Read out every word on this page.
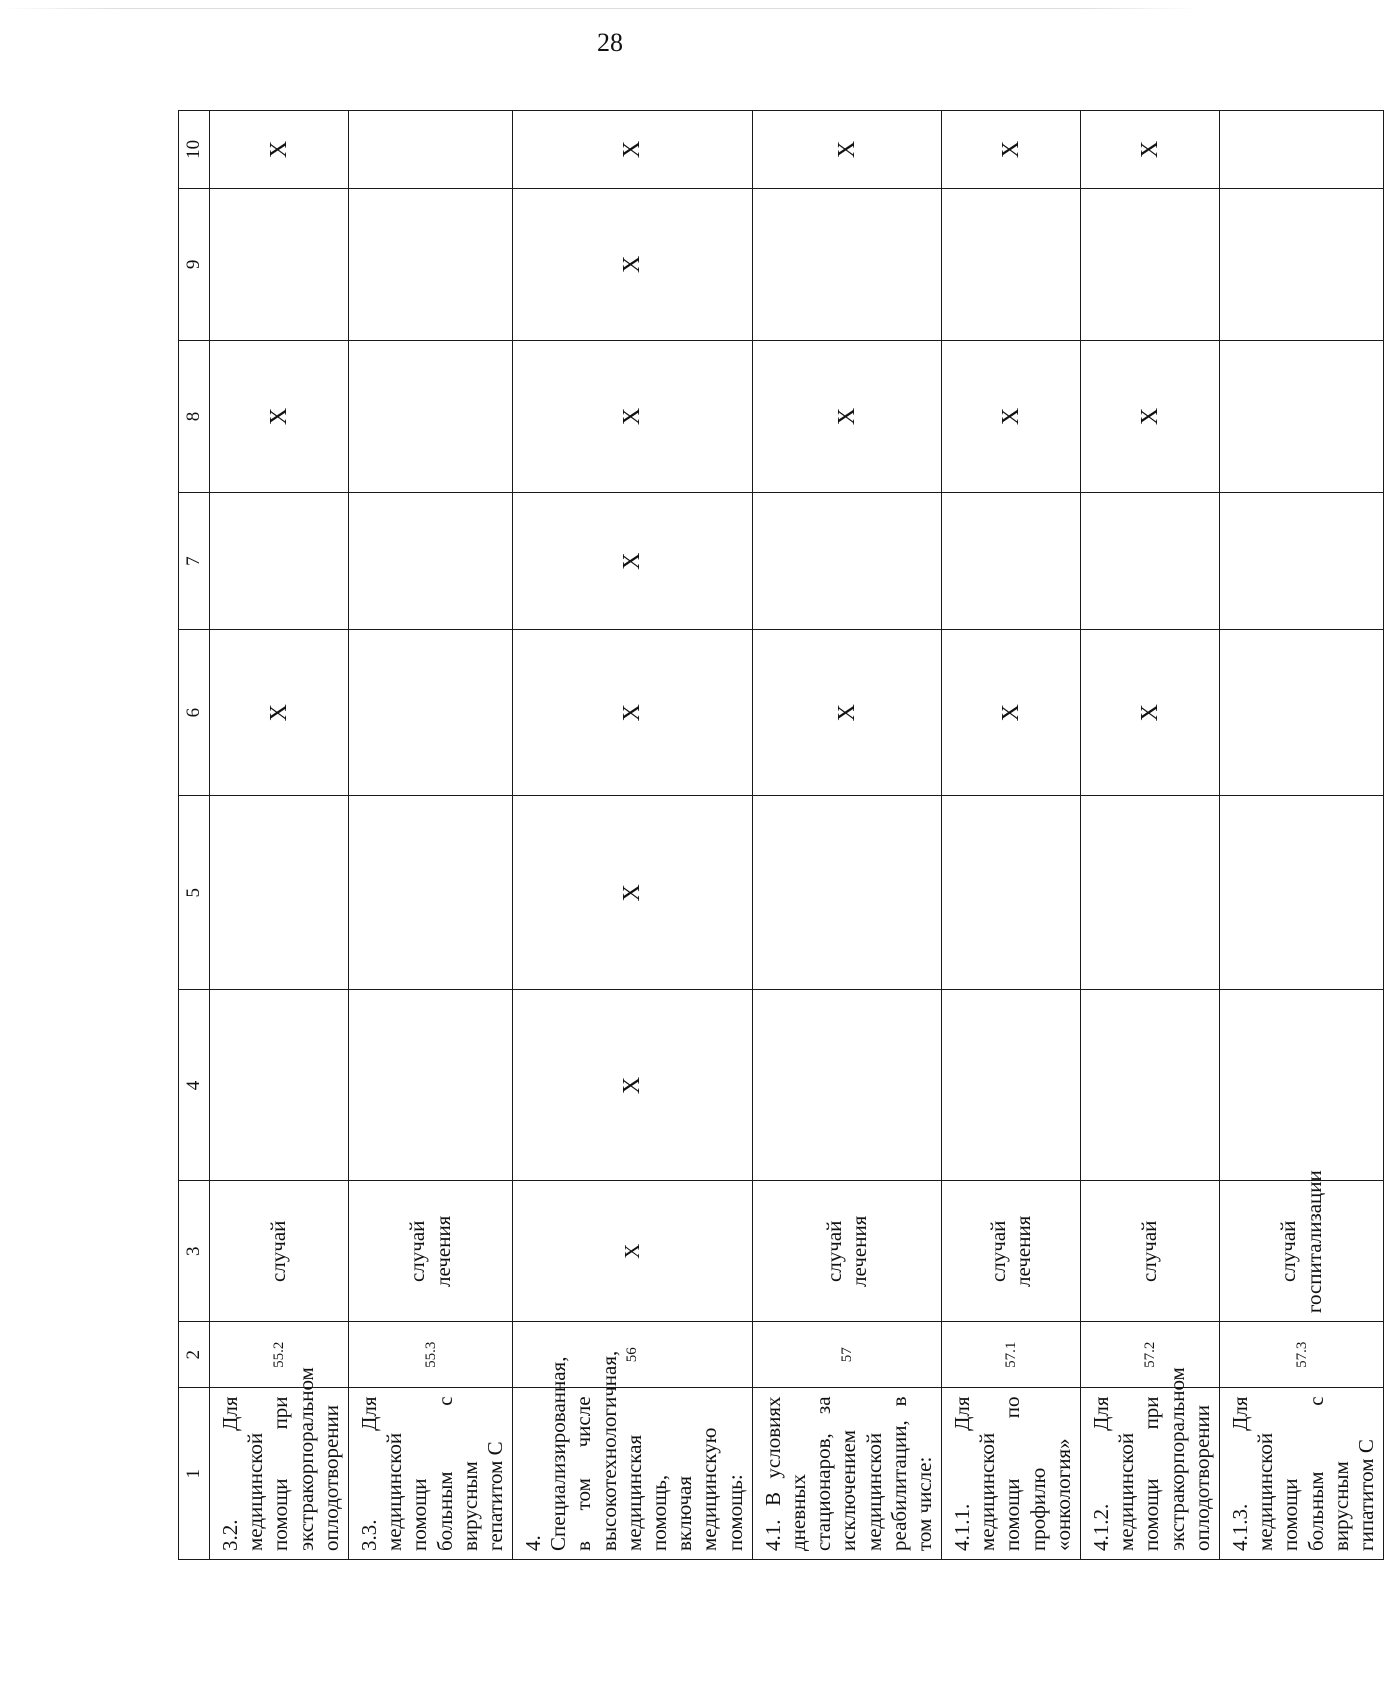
28
1	2	3	4	5	6	7	8	9	10
3.2. Для медицинской помощи при экстракорпоральном оплодотворении	55.2	случай			X		X		X
3.3. Для медицинской помощи больным с вирусным гепатитом С	55.3	случай лечения							
4. Специализированная, в том числе высокотехнологичная, медицинская помощь, включая медицинскую помощь:	56	X	X	X	X	X	X	X	X
4.1. В условиях дневных стационаров, за исключением медицинской реабилитации, в том числе:	57	случай лечения			X		X		X
4.1.1. Для медицинской помощи по профилю «онкология»	57.1	случай лечения			X		X		X
4.1.2. Для медицинской помощи при экстракорпоральном оплодотворении	57.2	случай			X		X		X
4.1.3. Для медицинской помощи больным с вирусным гипатитом С	57.3	случай госпитализации							
